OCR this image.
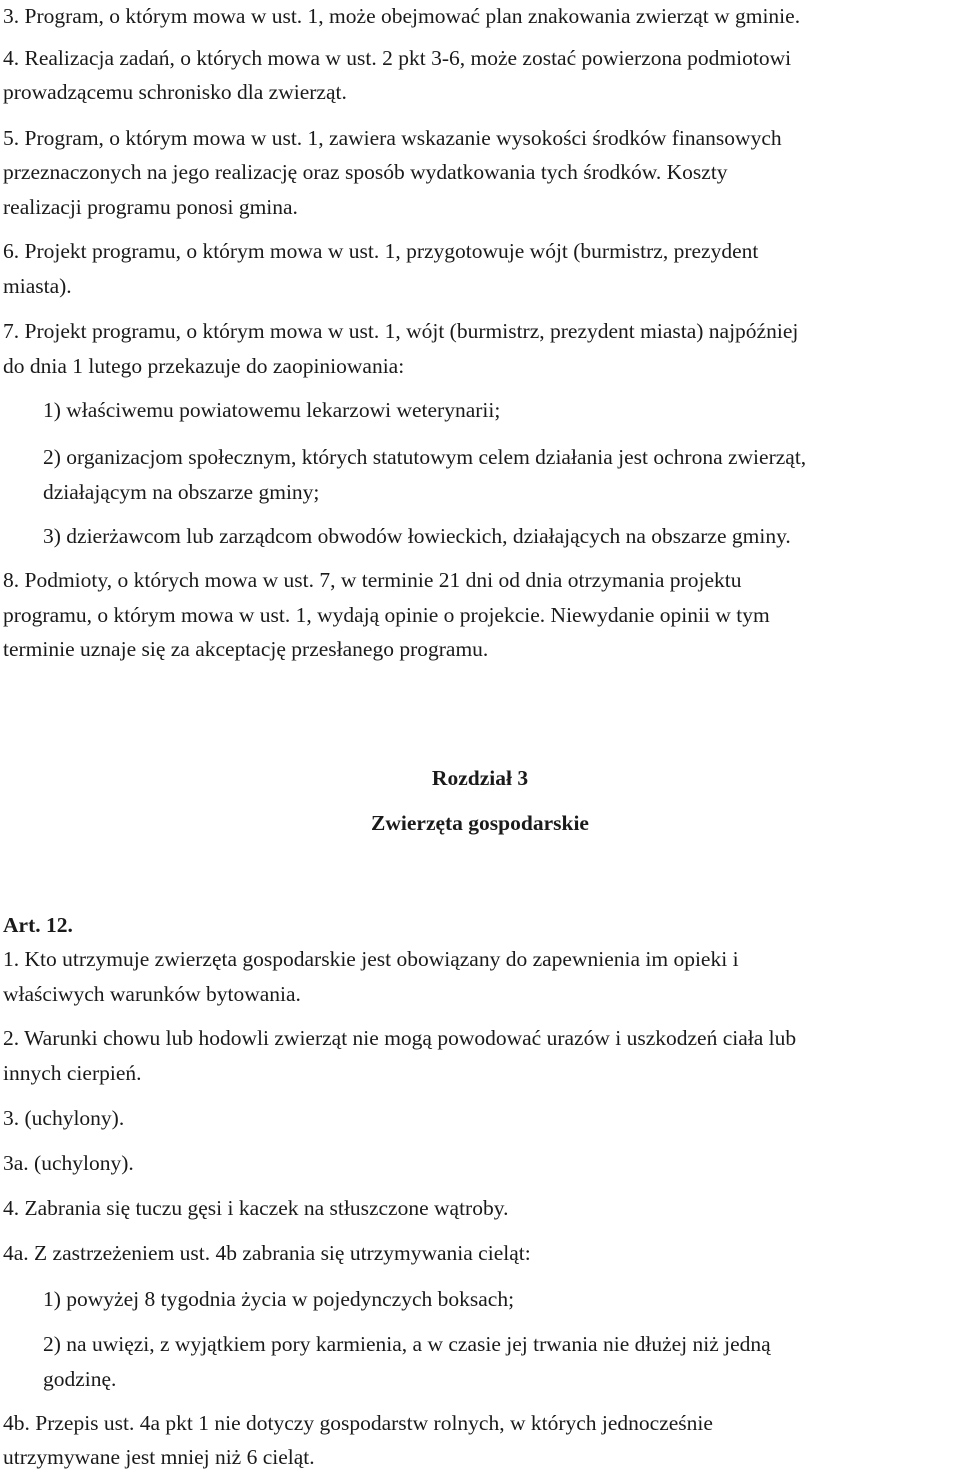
3. Program, o którym mowa w ust. 1, może obejmować plan znakowania zwierząt w gminie.

4. Realizacja zadań, o których mowa w ust. 2 pkt 3-6, może zostać powierzona podmiotowi

prowadzącemu schronisko dla zwierząt.

5. Program, o którym mowa w ust. 1, zawiera wskazanie wysokości środków finansowych

przeznaczonych na jego realizację oraz sposób wydatkowania tych środków. Koszty

realizacji programu ponosi gmina.

6. Projekt programu, o którym mowa w ust. 1, przygotowuje wójt (burmistrz, prezydent

miasta).

7. Projekt programu, o którym mowa w ust. 1, wójt (burmistrz, prezydent miasta) najpóźniej

do dnia 1 lutego przekazuje do zaopiniowania:

1) właściwemu powiatowemu lekarzowi weterynarii;

2) organizacjom społecznym, których statutowym celem działania jest ochrona zwierząt,

działającym na obszarze gminy;

3) dzierżawcom lub zarządcom obwodów łowieckich, działających na obszarze gminy.

8. Podmioty, o których mowa w ust. 7, w terminie 21 dni od dnia otrzymania projektu

programu, o którym mowa w ust. 1, wydają opinie o projekcie. Niewydanie opinii w tym

terminie uznaje się za akceptację przesłanego programu.

Rozdział 3

Zwierzęta gospodarskie

Art. 12.

1. Kto utrzymuje zwierzęta gospodarskie jest obowiązany do zapewnienia im opieki i

właściwych warunków bytowania.

2. Warunki chowu lub hodowli zwierząt nie mogą powodować urazów i uszkodzeń ciała lub

innych cierpień.

3. (uchylony).

3a. (uchylony).

4. Zabrania się tuczu gęsi i kaczek na stłuszczone wątroby.

4a. Z zastrzeżeniem ust. 4b zabrania się utrzymywania cieląt:

1) powyżej 8 tygodnia życia w pojedynczych boksach;

2) na uwięzi, z wyjątkiem pory karmienia, a w czasie jej trwania nie dłużej niż jedną

godzinę.

4b. Przepis ust. 4a pkt 1 nie dotyczy gospodarstw rolnych, w których jednocześnie

utrzymywane jest mniej niż 6 cieląt.
